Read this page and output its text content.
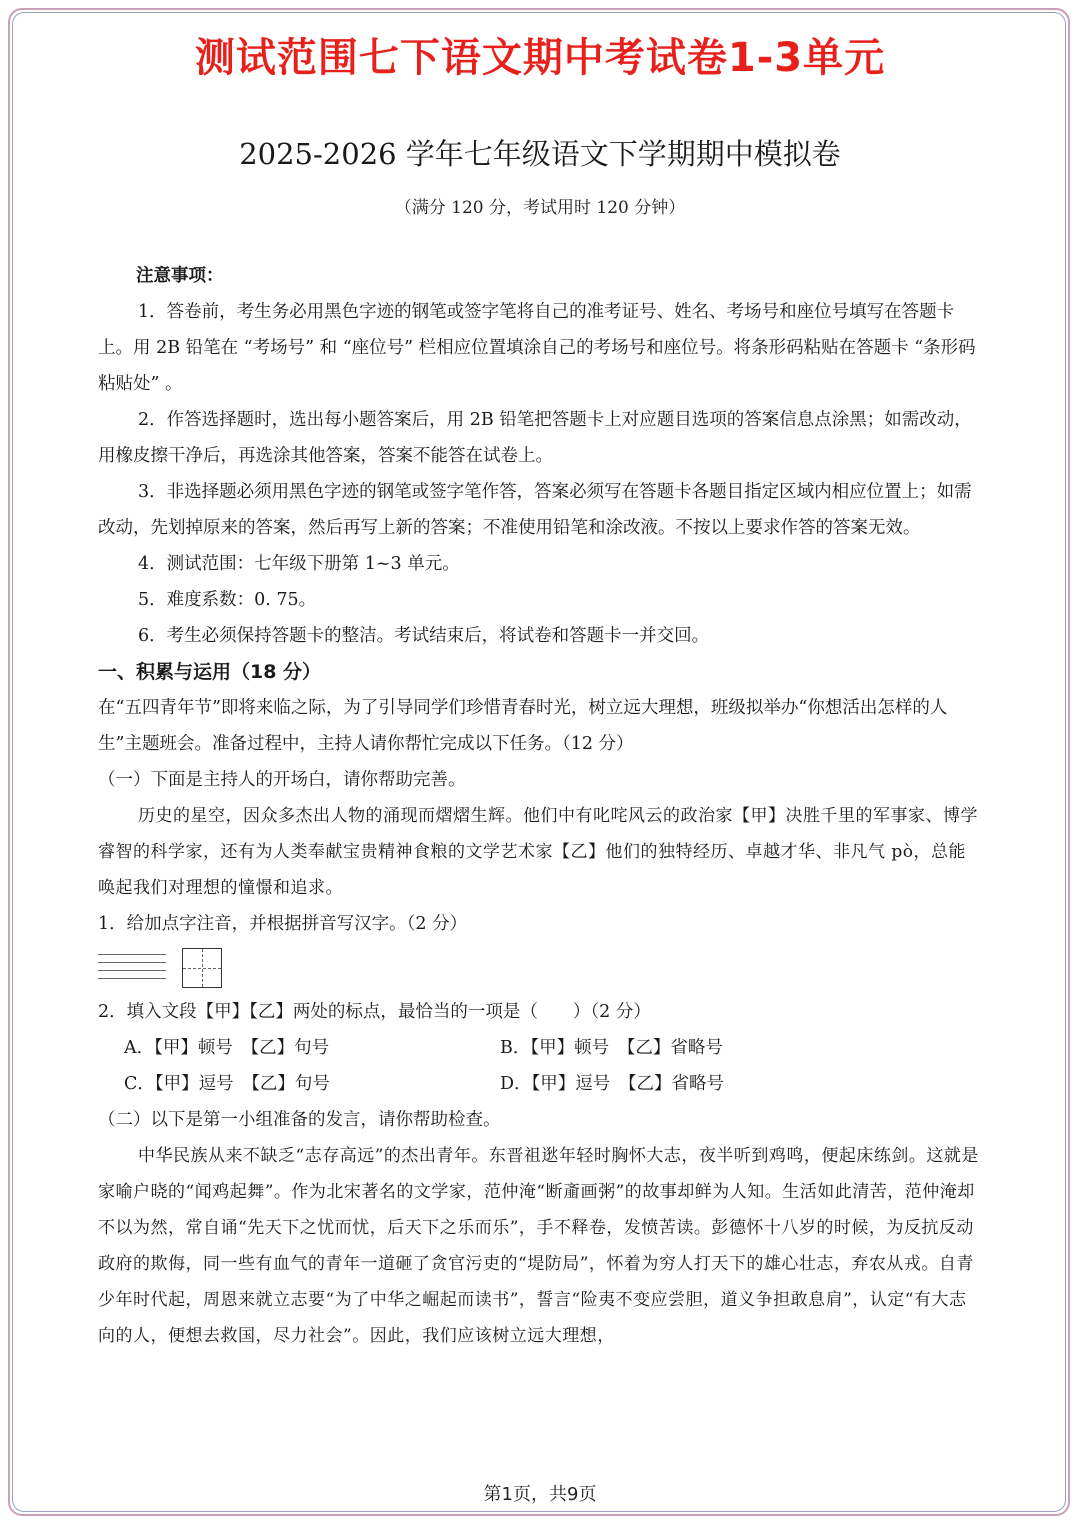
测试范围七下语文期中考试卷1-3单元
2025-2026 学年七年级语文下学期期中模拟卷
（满分 120 分，考试用时 120 分钟）

注意事项：

1．答卷前，考生务必用黑色字迹的钢笔或签字笔将自己的准考证号、姓名、考场号和座位号填写在答题卡上。用 2B 铅笔在 “考场号” 和 “座位号” 栏相应位置填涂自己的考场号和座位号。将条形码粘贴在答题卡 “条形码粘贴处” 。

2．作答选择题时，选出每小题答案后，用 2B 铅笔把答题卡上对应题目选项的答案信息点涂黑；如需改动，用橡皮擦干净后，再选涂其他答案，答案不能答在试卷上。

3．非选择题必须用黑色字迹的钢笔或签字笔作答，答案必须写在答题卡各题目指定区域内相应位置上；如需改动，先划掉原来的答案，然后再写上新的答案；不准使用铅笔和涂改液。不按以上要求作答的答案无效。

4．测试范围：七年级下册第 1~3 单元。

5．难度系数：0. 75。

6．考生必须保持答题卡的整洁。考试结束后，将试卷和答题卡一并交回。

一、积累与运用（18 分）

在“五四青年节”即将来临之际，为了引导同学们珍惜青春时光，树立远大理想，班级拟举办“你想活出怎样的人生”主题班会。准备过程中，主持人请你帮忙完成以下任务。（12 分）

（一）下面是主持人的开场白，请你帮助完善。

历史的星空，因众多杰出人物的涌现而熠熠生辉。他们中有叱咤风云的政治家【甲】决胜千里的军事家、博学睿智的科学家，还有为人类奉献宝贵精神食粮的文学艺术家【乙】他们的独特经历、卓越才华、非凡气 pò，总能唤起我们对理想的憧憬和追求。

1．给加点字注音，并根据拼音写汉字。（2 分）

2．填入文段【甲】【乙】两处的标点，最恰当的一项是（　　）（2 分）

A．【甲】顿号　【乙】句号	B．【甲】顿号　【乙】省略号
C．【甲】逗号　【乙】句号	D．【甲】逗号　【乙】省略号

（二）以下是第一小组准备的发言，请你帮助检查。

中华民族从来不缺乏“志存高远”的杰出青年。东晋祖逖年轻时胸怀大志，夜半听到鸡鸣，便起床练剑。这就是家喻户晓的“闻鸡起舞”。作为北宋著名的文学家，范仲淹“断齑画粥”的故事却鲜为人知。生活如此清苦，范仲淹却不以为然，常自诵“先天下之忧而忧，后天下之乐而乐”，手不释卷，发愤苦读。彭德怀十八岁的时候，为反抗反动政府的欺侮，同一些有血气的青年一道砸了贪官污吏的“堤防局”，怀着为穷人打天下的雄心壮志，弃农从戎。自青少年时代起，周恩来就立志要“为了中华之崛起而读书”，誓言“险夷不变应尝胆，道义争担敢息肩”，认定“有大志向的人，便想去救国，尽力社会”。因此，我们应该树立远大理想，

第1页，共9页
